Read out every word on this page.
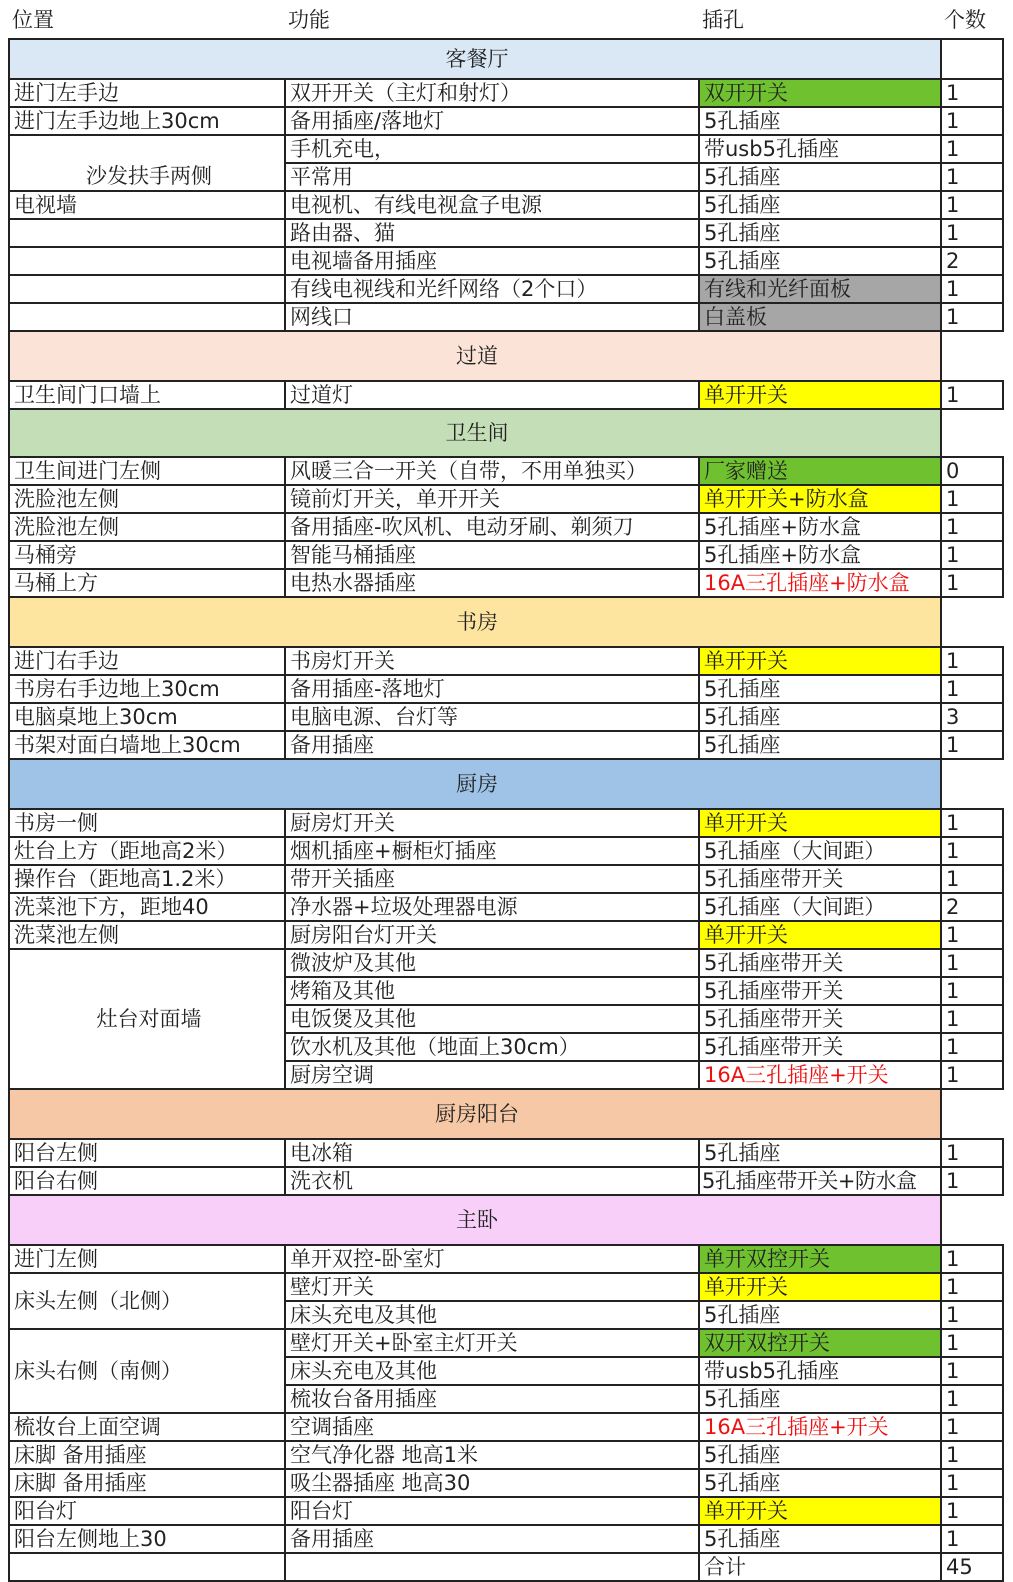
位置	功能	插孔	个数
客餐厅			
进门左手边	双开开关（主灯和射灯）	双开开关	1
进门左手边地上30cm	备用插座/落地灯	5孔插座	1
沙发扶手两侧	手机充电，	带usb5孔插座	1
	平常用	5孔插座	1
电视墙	电视机、有线电视盒子电源	5孔插座	1
	路由器、猫	5孔插座	1
	电视墙备用插座	5孔插座	2
	有线电视线和光纤网络（2个口）	有线和光纤面板	1
	网线口	白盖板	1
过道			
卫生间门口墙上	过道灯	单开开关	1
卫生间			
卫生间进门左侧	风暖三合一开关（自带，不用单独买）	厂家赠送	0
洗脸池左侧	镜前灯开关，单开开关	单开开关+防水盒	1
洗脸池左侧	备用插座-吹风机、电动牙刷、剃须刀	5孔插座+防水盒	1
马桶旁	智能马桶插座	5孔插座+防水盒	1
马桶上方	电热水器插座	16A三孔插座+防水盒	1
书房			
进门右手边	书房灯开关	单开开关	1
书房右手边地上30cm	备用插座-落地灯	5孔插座	1
电脑桌地上30cm	电脑电源、台灯等	5孔插座	3
书架对面白墙地上30cm	备用插座	5孔插座	1
厨房			
书房一侧	厨房灯开关	单开开关	1
灶台上方（距地高2米）	烟机插座+橱柜灯插座	5孔插座（大间距）	1
操作台（距地高1.2米）	带开关插座	5孔插座带开关	1
洗菜池下方，距地40	净水器+垃圾处理器电源	5孔插座（大间距）	2
洗菜池左侧	厨房阳台灯开关	单开开关	1
灶台对面墙	微波炉及其他	5孔插座带开关	1
	烤箱及其他	5孔插座带开关	1
	电饭煲及其他	5孔插座带开关	1
	饮水机及其他（地面上30cm）	5孔插座带开关	1
	厨房空调	16A三孔插座+开关	1
厨房阳台			
阳台左侧	电冰箱	5孔插座	1
阳台右侧	洗衣机	5孔插座带开关+防水盒	1
主卧			
进门左侧	单开双控-卧室灯	单开双控开关	1
床头左侧（北侧）	壁灯开关	单开开关	1
	床头充电及其他	5孔插座	1
床头右侧（南侧）	壁灯开关+卧室主灯开关	双开双控开关	1
	床头充电及其他	带usb5孔插座	1
	梳妆台备用插座	5孔插座	1
梳妆台上面空调	空调插座	16A三孔插座+开关	1
床脚 备用插座	空气净化器 地高1米	5孔插座	1
床脚 备用插座	吸尘器插座 地高30	5孔插座	1
阳台灯	阳台灯	单开开关	1
阳台左侧地上30	备用插座	5孔插座	1
		合计	45
